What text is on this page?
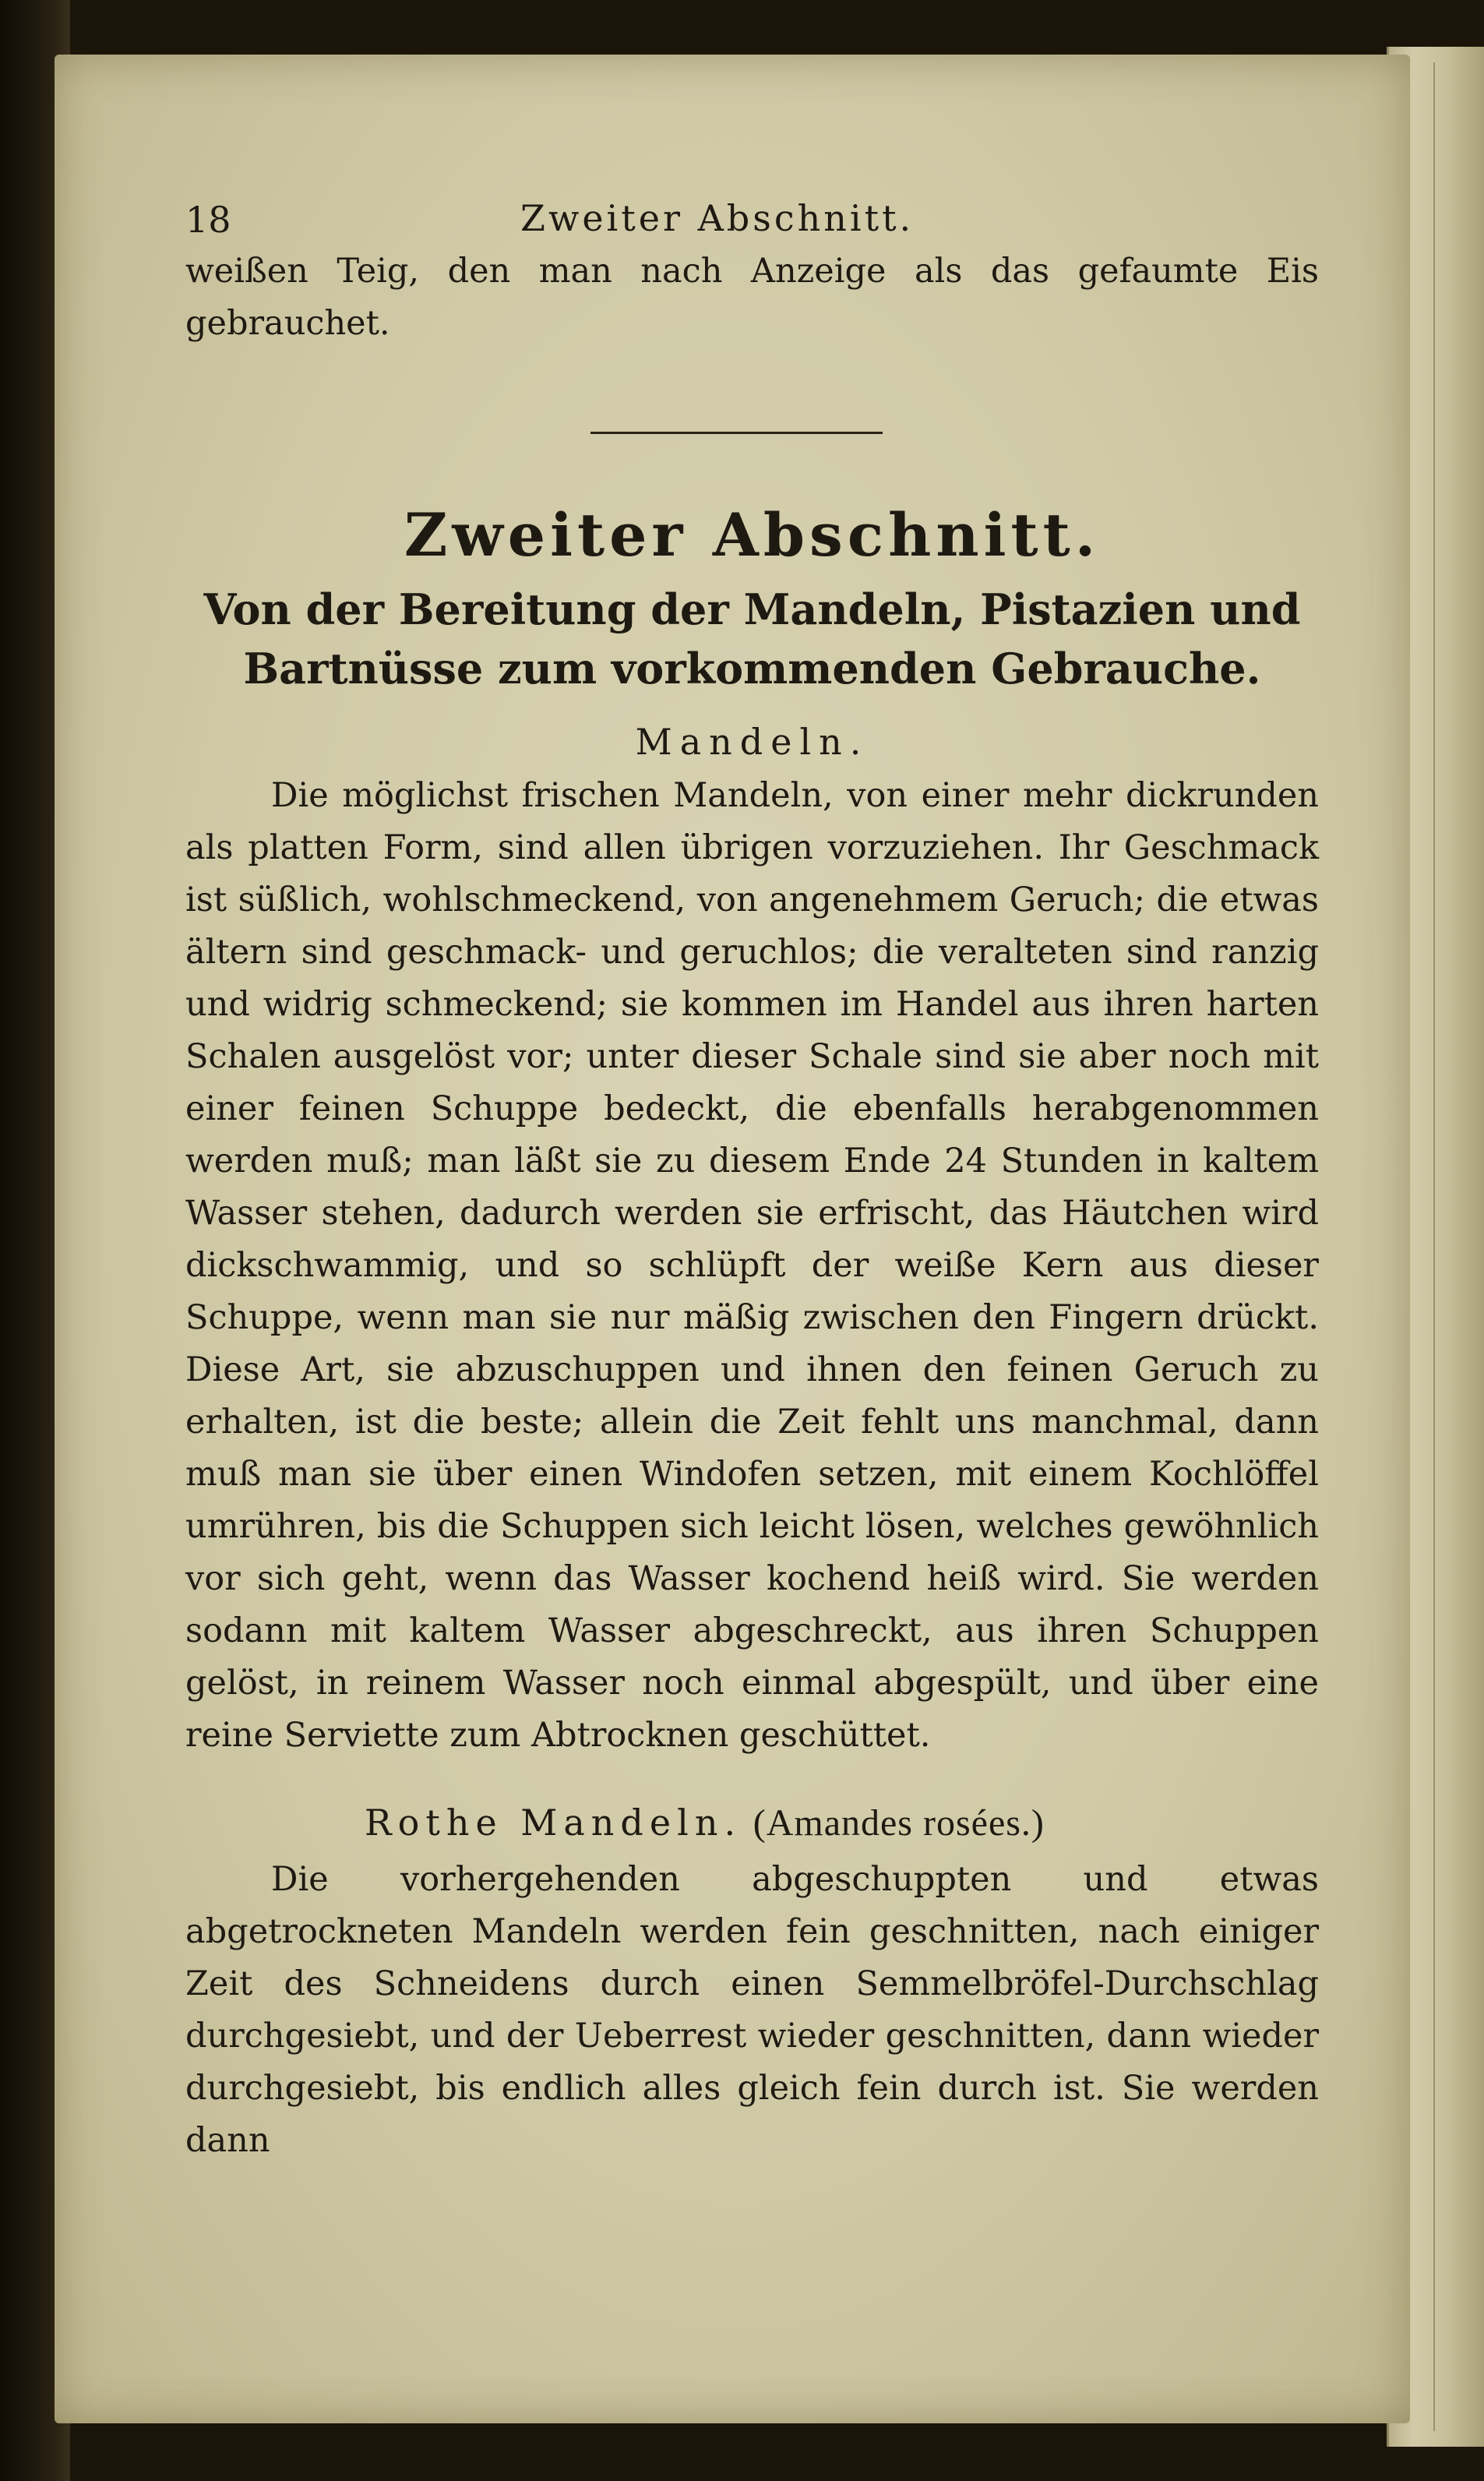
18	Zweiter Abschnitt.

weißen Teig, den man nach Anzeige als das gefaumte Eis gebrauchet.

Zweiter Abschnitt.
Von der Bereitung der Mandeln, Pistazien und
Bartnüsse zum vorkommenden Gebrauche.
Mandeln.

Die möglichst frischen Mandeln, von einer mehr dickrunden als platten Form, sind allen übrigen vorzuziehen. Ihr Geschmack ist süßlich, wohlschmeckend, von angenehmem Geruch; die etwas ältern sind geschmack- und geruchlos; die veralteten sind ranzig und widrig schmeckend; sie kommen im Handel aus ihren harten Schalen ausgelöst vor; unter dieser Schale sind sie aber noch mit einer feinen Schuppe bedeckt, die ebenfalls herabgenommen werden muß; man läßt sie zu diesem Ende 24 Stunden in kaltem Wasser stehen, dadurch werden sie erfrischt, das Häutchen wird dickschwammig, und so schlüpft der weiße Kern aus dieser Schuppe, wenn man sie nur mäßig zwischen den Fingern drückt. Diese Art, sie abzuschuppen und ihnen den feinen Geruch zu erhalten, ist die beste; allein die Zeit fehlt uns manchmal, dann muß man sie über einen Windofen setzen, mit einem Kochlöffel umrühren, bis die Schuppen sich leicht lösen, welches gewöhnlich vor sich geht, wenn das Wasser kochend heiß wird. Sie werden sodann mit kaltem Wasser abgeschreckt, aus ihren Schuppen gelöst, in reinem Wasser noch einmal abgespült, und über eine reine Serviette zum Abtrocknen geschüttet.

Rothe Mandeln. (Amandes rosées.)

Die vorhergehenden abgeschuppten und etwas abgetrockneten Mandeln werden fein geschnitten, nach einiger Zeit des Schneidens durch einen Semmelbröfel-Durchschlag durchgesiebt, und der Ueberrest wieder geschnitten, dann wieder durchgesiebt, bis endlich alles gleich fein durch ist. Sie werden dann
